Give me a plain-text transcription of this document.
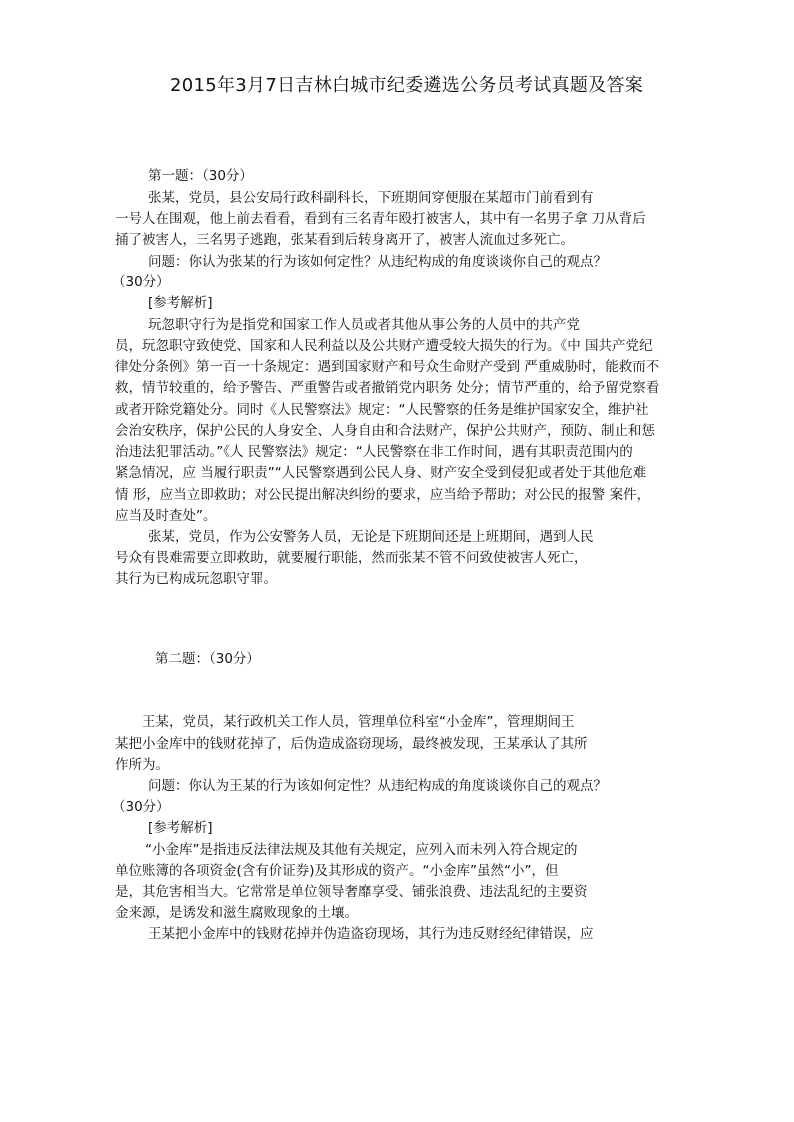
2015年3月7日吉林白城市纪委遴选公务员考试真题及答案
第一题：（30分）
张某，党员，县公安局行政科副科长，下班期间穿便服在某超市门前看到有
一号人在围观，他上前去看看，看到有三名青年殴打被害人，其中有一名男子拿 刀从背后
捅了被害人，三名男子逃跑，张某看到后转身离开了，被害人流血过多死亡。
问题：你认为张某的行为该如何定性？从违纪构成的角度谈谈你自己的观点？
（30分）
[参考解析]
玩忽职守行为是指党和国家工作人员或者其他从事公务的人员中的共产党
员，玩忽职守致使党、国家和人民利益以及公共财产遭受较大损失的行为。《中 国共产党纪
律处分条例》第一百一十条规定：遇到国家财产和号众生命财产受到 严重威胁时，能救而不
救，情节较重的，给予警告、严重警告或者撤销党内职务 处分；情节严重的，给予留党察看
或者开除党籍处分。同时《人民警察法》规定：“人民警察的任务是维护国家安全，维护社
会治安秩序，保护公民的人身安全、人身自由和合法财产，保护公共财产，预防、制止和惩
治违法犯罪活动。”《人 民警察法》规定：“人民警察在非工作时间，遇有其职责范围内的
紧急情况，应 当履行职责”“人民警察遇到公民人身、财产安全受到侵犯或者处于其他危难
情 形，应当立即救助；对公民提出解决纠纷的要求，应当给予帮助；对公民的报警 案件，
应当及时查处”。
张某，党员，作为公安警务人员，无论是下班期间还是上班期间，遇到人民
号众有畏难需要立即救助，就要履行职能，然而张某不管不问致使被害人死亡，
其行为已构成玩忽职守罪。
第二题：（30分）
王某，党员，某行政机关工作人员，管理单位科室“小金库”，管理期间王
某把小金库中的钱财花掉了，后伪造成盗窃现场，最终被发现，王某承认了其所
作所为。
问题：你认为王某的行为该如何定性？从违纪构成的角度谈谈你自己的观点？
（30分）
[参考解析]
“小金库”是指违反法律法规及其他有关规定，应列入而未列入符合规定的
单位账簿的各项资金(含有价证券)及其形成的资产。“小金库”虽然“小”，但
是，其危害相当大。它常常是单位领导奢靡享受、铺张浪费、违法乱纪的主要资
金来源，是诱发和滋生腐败现象的土壤。
王某把小金库中的钱财花掉并伪造盗窃现场，其行为违反财经纪律错误，应
